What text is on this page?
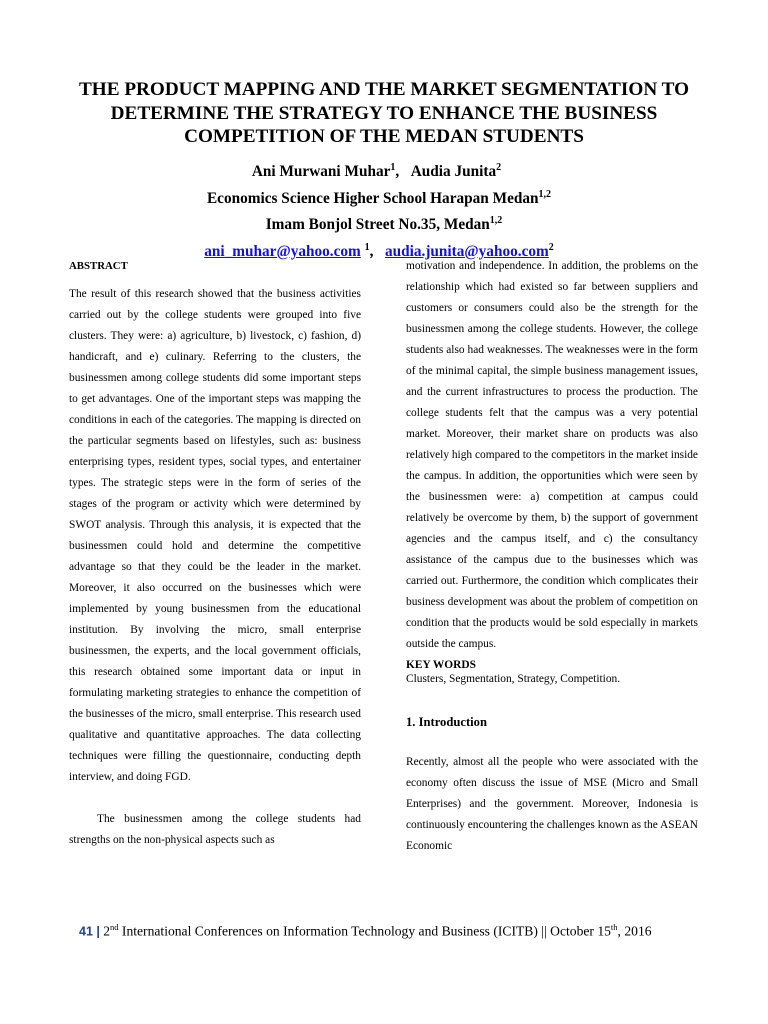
THE PRODUCT MAPPING AND THE MARKET SEGMENTATION TO DETERMINE THE STRATEGY TO ENHANCE THE BUSINESS COMPETITION OF THE MEDAN STUDENTS
Ani Murwani Muhar$^1$,   Audia Junita$^2$
Economics Science Higher School Harapan Medan$^{1,2}$
Imam Bonjol Street No.35, Medan$^{1,2}$
ani_muhar@yahoo.com $^1$,   audia.junita@yahoo.com$^2$

ABSTRACT

The result of this research showed that the business activities carried out by the college students were grouped into five clusters. They were: a) agriculture, b) livestock, c) fashion, d) handicraft, and e) culinary. Referring to the clusters, the businessmen among college students did some important steps to get advantages. One of the important steps was mapping the conditions in each of the categories. The mapping is directed on the particular segments based on lifestyles, such as: business enterprising types, resident types, social types, and entertainer types. The strategic steps were in the form of series of the stages of the program or activity which were determined by SWOT analysis. Through this analysis, it is expected that the businessmen could hold and determine the competitive advantage so that they could be the leader in the market. Moreover, it also occurred on the businesses which were implemented by young businessmen from the educational institution. By involving the micro, small enterprise businessmen, the experts, and the local government officials, this research obtained some important data or input in formulating marketing strategies to enhance the competition of the businesses of the micro, small enterprise. This research used qualitative and quantitative approaches. The data collecting techniques were filling the questionnaire, conducting depth interview, and doing FGD.

The businessmen among the college students had strengths on the non-physical aspects such as

motivation and independence. In addition, the problems on the relationship which had existed so far between suppliers and customers or consumers could also be the strength for the businessmen among the college students. However, the college students also had weaknesses. The weaknesses were in the form of the minimal capital, the simple business management issues, and the current infrastructures to process the production. The college students felt that the campus was a very potential market. Moreover, their market share on products was also relatively high compared to the competitors in the market inside the campus. In addition, the opportunities which were seen by the businessmen were: a) competition at campus could relatively be overcome by them, b) the support of government agencies and the campus itself, and c) the consultancy assistance of the campus due to the businesses which was carried out. Furthermore, the condition which complicates their business development was about the problem of competition on condition that the products would be sold especially in markets outside the campus.

KEY WORDS

Clusters, Segmentation, Strategy, Competition.

1. Introduction

Recently, almost all the people who were associated with the economy often discuss the issue of MSE (Micro and Small Enterprises) and the government. Moreover, Indonesia is continuously encountering the challenges known as the ASEAN Economic

41 | 2nd International Conferences on Information Technology and Business (ICITB) || October 15th, 2016
